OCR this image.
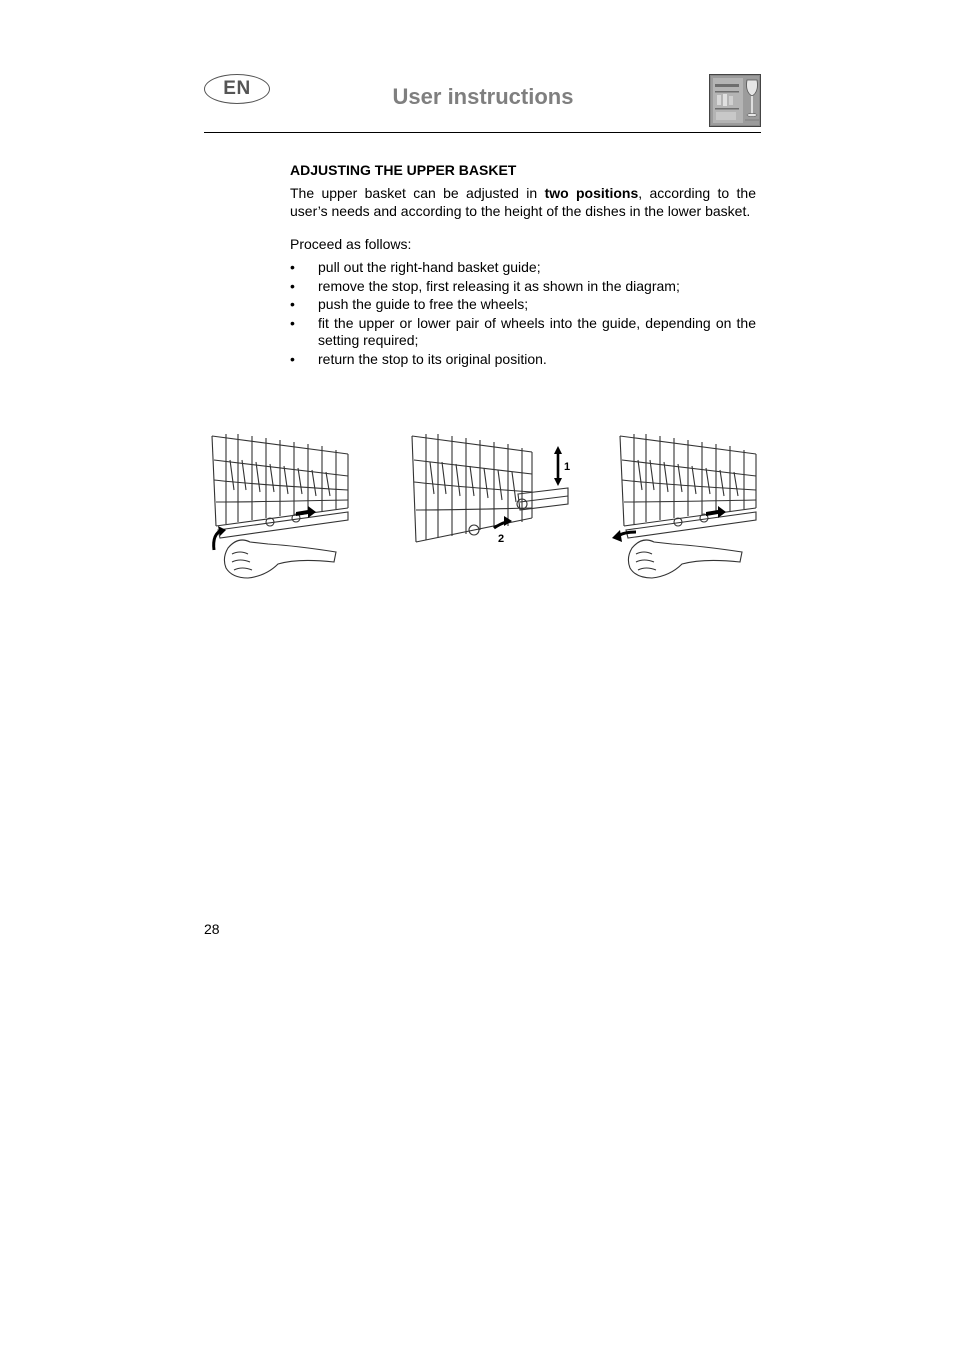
EN	User instructions

ADJUSTING THE UPPER BASKET

The upper basket can be adjusted in two positions, according to the user’s needs and according to the height of the dishes in the lower basket.

Proceed as follows:

• pull out the right-hand basket guide;
• remove the stop, first releasing it as shown in the diagram;
• push the guide to free the wheels;
• fit the upper or lower pair of wheels into the guide, depending on the setting required;
• return the stop to its original position.
1
2
28
